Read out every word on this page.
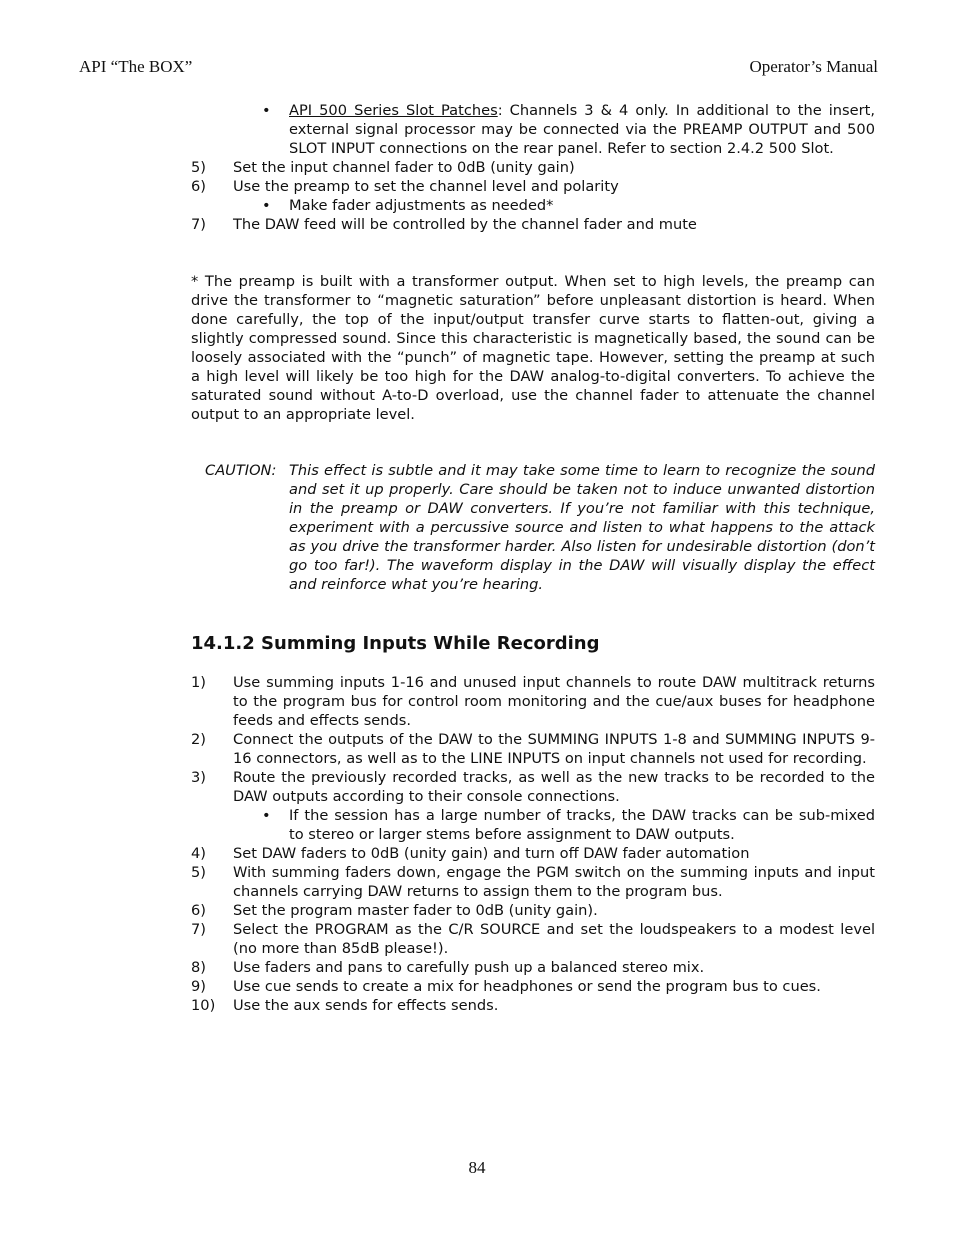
API “The BOX”	Operator’s Manual
• API 500 Series Slot Patches: Channels 3 & 4 only. In additional to the insert, external signal processor may be connected via the PREAMP OUTPUT and 500 SLOT INPUT connections on the rear panel. Refer to section 2.4.2 500 Slot.
5) Set the input channel fader to 0dB (unity gain)
6) Use the preamp to set the channel level and polarity
• Make fader adjustments as needed*
7) The DAW feed will be controlled by the channel fader and mute

* The preamp is built with a transformer output. When set to high levels, the preamp can drive the transformer to “magnetic saturation” before unpleasant distortion is heard. When done carefully, the top of the input/output transfer curve starts to flatten-out, giving a slightly compressed sound. Since this characteristic is magnetically based, the sound can be loosely associated with the “punch” of magnetic tape. However, setting the preamp at such a high level will likely be too high for the DAW analog-to-digital converters. To achieve the saturated sound without A-to-D overload, use the channel fader to attenuate the channel output to an appropriate level.

CAUTION: This effect is subtle and it may take some time to learn to recognize the sound and set it up properly. Care should be taken not to induce unwanted distortion in the preamp or DAW converters. If you’re not familiar with this technique, experiment with a percussive source and listen to what happens to the attack as you drive the transformer harder. Also listen for undesirable distortion (don’t go too far!). The waveform display in the DAW will visually display the effect and reinforce what you’re hearing.
14.1.2 Summing Inputs While Recording
1) Use summing inputs 1-16 and unused input channels to route DAW multitrack returns to the program bus for control room monitoring and the cue/aux buses for headphone feeds and effects sends.
2) Connect the outputs of the DAW to the SUMMING INPUTS 1-8 and SUMMING INPUTS 9-16 connectors, as well as to the LINE INPUTS on input channels not used for recording.
3) Route the previously recorded tracks, as well as the new tracks to be recorded to the DAW outputs according to their console connections.
• If the session has a large number of tracks, the DAW tracks can be sub-mixed to stereo or larger stems before assignment to DAW outputs.
4) Set DAW faders to 0dB (unity gain) and turn off DAW fader automation
5) With summing faders down, engage the PGM switch on the summing inputs and input channels carrying DAW returns to assign them to the program bus.
6) Set the program master fader to 0dB (unity gain).
7) Select the PROGRAM as the C/R SOURCE and set the loudspeakers to a modest level (no more than 85dB please!).
8) Use faders and pans to carefully push up a balanced stereo mix.
9) Use cue sends to create a mix for headphones or send the program bus to cues.
10) Use the aux sends for effects sends.
84
